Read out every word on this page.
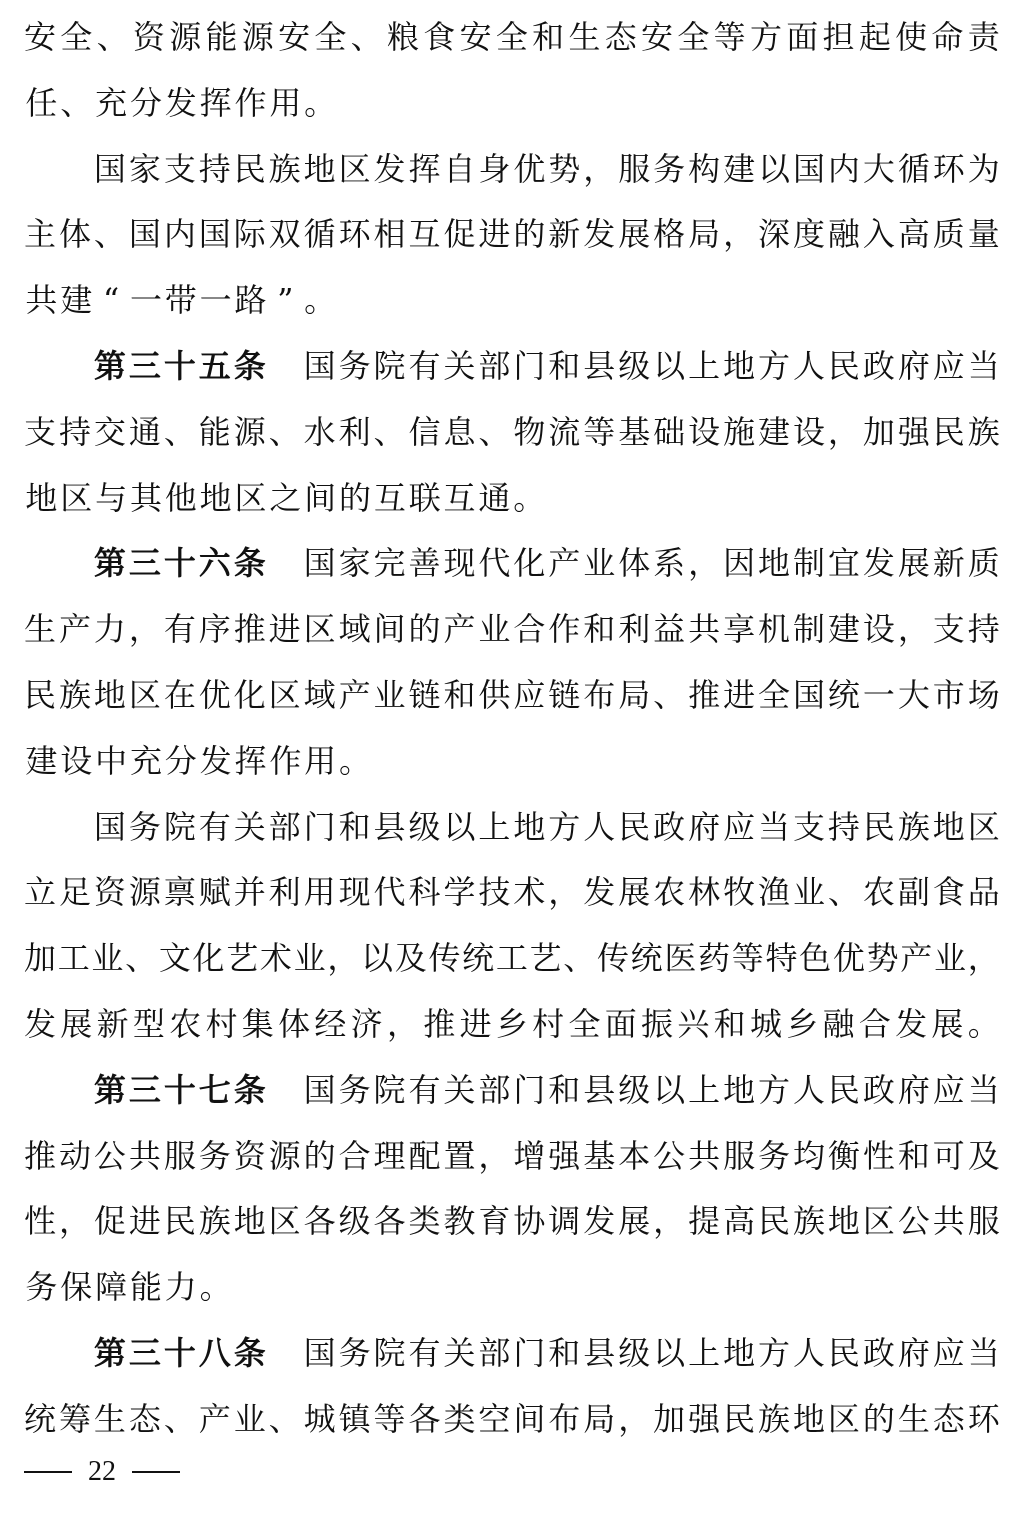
安 全 、 资 源 能 源 安 全 、 粮 食 安 全 和 生 态 安 全 等 方 面 担 起 使 命 责
任、充分发挥作用。

国 家 支 持 民 族 地 区 发 挥 自 身 优 势 ， 服 务 构 建 以 国 内 大 循 环 为
主 体 、 国 内 国 际 双 循 环 相 互 促 进 的 新 发 展 格 局 ， 深 度 融 入 高 质 量
共建 “ 一带一路 ” 。

第 三 十 五 条
　 国 务 院 有 关 部 门 和 县 级 以 上 地 方 人 民 政 府 应 当
支 持 交 通 、 能 源 、 水 利 、 信 息 、 物 流 等 基 础 设 施 建 设 ， 加 强 民 族
地区与其他地区之间的互联互通。

第 三 十 六 条
　 国 家 完 善 现 代 化 产 业 体 系 ， 因 地 制 宜 发 展 新 质
生 产 力 ， 有 序 推 进 区 域 间 的 产 业 合 作 和 利 益 共 享 机 制 建 设 ， 支 持
民 族 地 区 在 优 化 区 域 产 业 链 和 供 应 链 布 局 、 推 进 全 国 统 一 大 市 场
建设中充分发挥作用。

国 务 院 有 关 部 门 和 县 级 以 上 地 方 人 民 政 府 应 当 支 持 民 族 地 区
立 足 资 源 禀 赋 并 利 用 现 代 科 学 技 术 ， 发 展 农 林 牧 渔 业 、 农 副 食 品
加 工 业 、 文 化 艺 术 业 ， 以 及 传 统 工 艺 、 传 统 医 药 等 特 色 优 势 产 业 ，
发 展 新 型 农 村 集 体 经 济 ， 推 进 乡 村 全 面 振 兴 和 城 乡 融 合 发 展 。

第 三 十 七 条
　 国 务 院 有 关 部 门 和 县 级 以 上 地 方 人 民 政 府 应 当
推 动 公 共 服 务 资 源 的 合 理 配 置 ， 增 强 基 本 公 共 服 务 均 衡 性 和 可 及
性 ， 促 进 民 族 地 区 各 级 各 类 教 育 协 调 发 展 ， 提 高 民 族 地 区 公 共 服
务保障能力。

第 三 十 八 条
　 国 务 院 有 关 部 门 和 县 级 以 上 地 方 人 民 政 府 应 当
统 筹 生 态 、 产 业 、 城 镇 等 各 类 空 间 布 局 ， 加 强 民 族 地 区 的 生 态 环
22
